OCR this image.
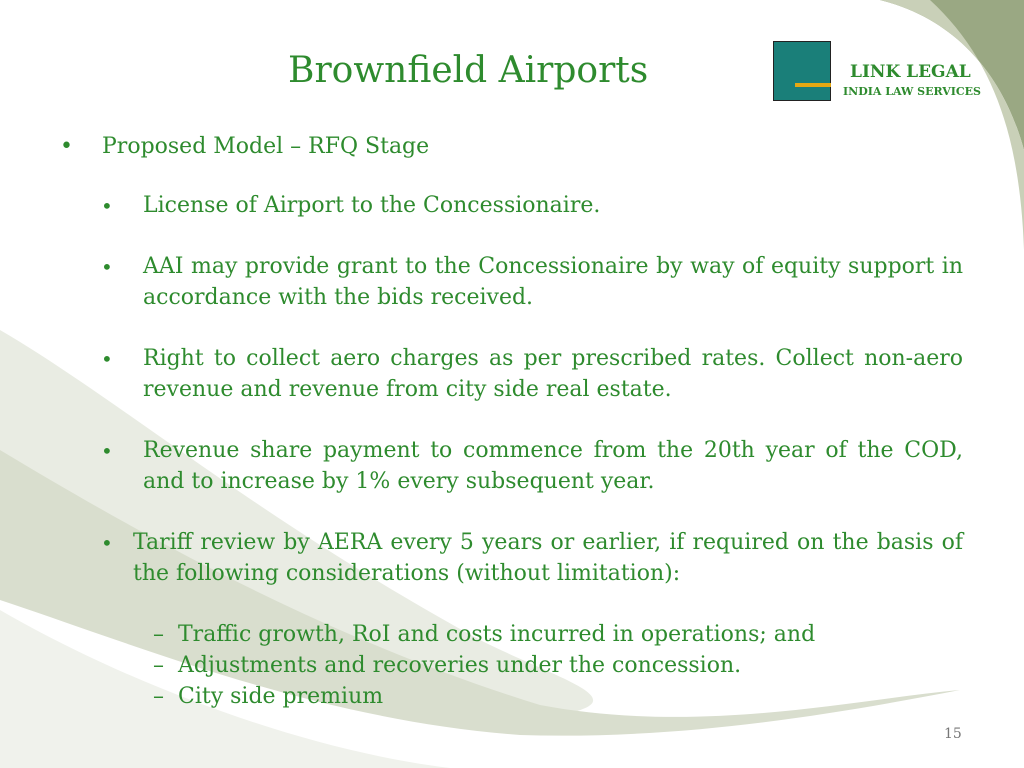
Brownfield Airports	LINK LEGAL
INDIA LAW SERVICES
• Proposed Model – RFQ Stage
• License of Airport to the Concessionaire.
• AAI may provide grant to the Concessionaire by way of equity support in accordance with the bids received.
• Right to collect aero charges as per prescribed rates. Collect non-aero revenue and revenue from city side real estate.
• Revenue share payment to commence from the 20th year of the COD, and to increase by 1% every subsequent year.
• Tariff review by AERA every 5 years or earlier, if required on the basis of the following considerations (without limitation):
– Traffic growth, RoI and costs incurred in operations; and
– Adjustments and recoveries under the concession.
– City side premium
15
